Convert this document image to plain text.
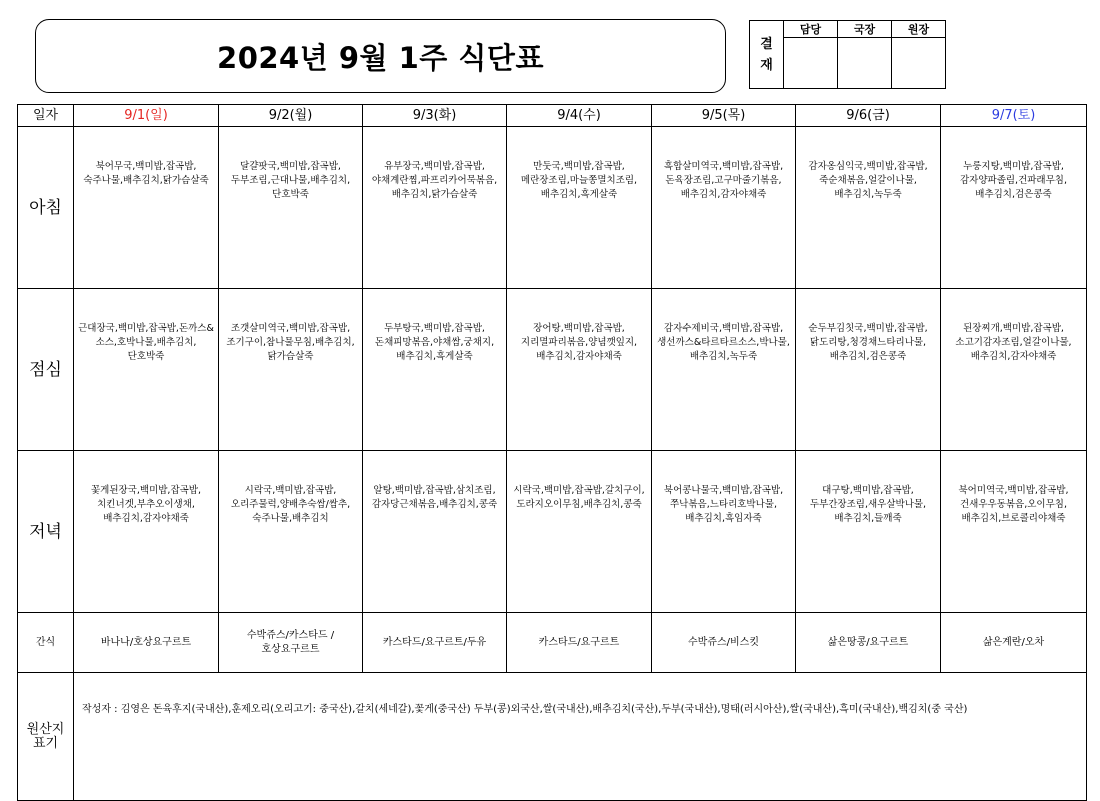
2024년 9월 1주 식단표	결
재	담당	국장	원장

일자	9/1(일)	9/2(월)	9/3(화)	9/4(수)	9/5(목)	9/6(금)	9/7(토)
아침	북어무국,백미밥,잡곡밥,숙주나물,배추김치,닭가슴살죽	달걀팟국,백미밥,잡곡밥,두부조림,근대나물,배추김치,단호박죽	유부장국,백미밥,잡곡밥,야채계란찜,파프리카어묵볶음,배추김치,닭가슴살죽	만둣국,백미밥,잡곡밥,메란장조림,마늘쫑멸치조림,배추김치,흑게살죽	흑합살미역국,백미밥,잡곡밥,돈육장조림,고구마줄기볶음,배추김치,감자야채죽	감자옹심익국,백미밥,잡곡밥,죽순채볶음,얼갈이나물,배추김치,녹두죽	누룽지탕,백미밥,잡곡밥,감자양파졸림,건파래무침,배추김치,검은콩죽
점심	근대장국,백미밥,잡곡밥,돈까스&소스,호박나물,배추김치,단호박죽	조갯살미역국,백미밥,잡곡밥,조기구이,참나물무침,배추김치,닭가슴살죽	두부탕국,백미밥,잡곡밥,돈채피망볶음,야채쌈,궁채지,배추김치,흑게살죽	장어탕,백미밥,잡곡밥,지리멸파리볶음,양념깻잎지,배추김치,감자야채죽	감자수제비국,백미밥,잡곡밥,생선까스&타르타르소스,박나물,배추김치,녹두죽	순두부김칫국,백미밥,잡곡밥,닭도리탕,청경채느타리나물,배추김치,검은콩죽	된장찌개,백미밥,잡곡밥,소고기감자조림,얼갈이나물,배추김치,감자야채죽
저녁	꽃게된장국,백미밥,잡곡밥,치킨너겟,부추오이생채,배추김치,감자야채죽	시락국,백미밥,잡곡밥,오리주물럭,양배추숙쌈/쌈추,숙주나물,배추김치	알탕,백미밥,잡곡밥,삼치조림,감자당근채볶음,배추김치,콩죽	시락국,백미밥,잡곡밥,갈치구이,도라지오이무침,배추김치,콩죽	북어콩나물국,백미밥,잡곡밥,쭈낙볶음,느타리호박나물,배추김치,흑임자죽	대구탕,백미밥,잡곡밥,두부간장조림,새우살박나물,배추김치,들깨죽	북어미역국,백미밥,잡곡밥,건새우우동볶음,오이무침,배추김치,브로콜리야채죽
간식	바나나/호상요구르트	수박쥬스/카스타드 /호상요구르트	카스타드/요구르트/두유	카스타드/요구르트	수박쥬스/비스킷	삶은땅콩/요구르트	삶은계란/오차
원산지 표기	작성자 : 김영은 돈육후지(국내산),훈제오리(오리고기: 중국산),갈치(세네갈),꽃게(중국산) 두부(콩)외국산,쌀(국내산),배추김치(국산),두부(국내산),명태(러시아산),쌀(국내산),흑미(국내산),백김치(중 국산)						
